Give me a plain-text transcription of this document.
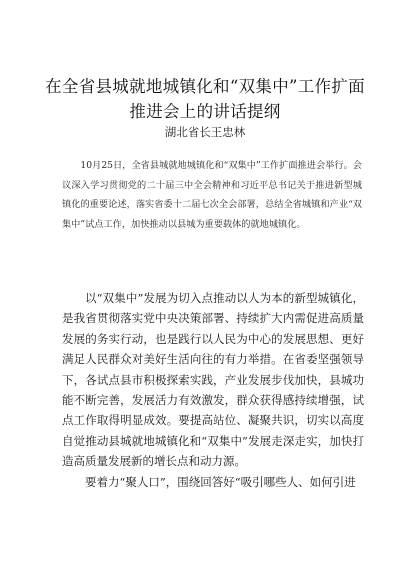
在全省县城就地城镇化和“双集中”工作扩面
推进会上的讲话提纲
湖北省长王忠林
10月25日，全省县城就地城镇化和“双集中”工作扩面推进会举行。会议深入学习贯彻党的二十届三中全会精神和习近平总书记关于推进新型城镇化的重要论述，落实省委十二届七次全会部署，总结全省城镇和产业“双集中”试点工作，加快推动以县城为重要载体的就地城镇化。

以“双集中”发展为切入点推动以人为本的新型城镇化，是我省贯彻落实党中央决策部署、持续扩大内需促进高质量发展的务实行动，也是践行以人民为中心的发展思想、更好满足人民群众对美好生活向往的有力举措。在省委坚强领导下，各试点县市积极探索实践，产业发展步伐加快，县城功能不断完善，发展活力有效激发，群众获得感持续增强，试点工作取得明显成效。要提高站位、凝聚共识，切实以高度自觉推动县城就地城镇化和“双集中”发展走深走实，加快打造高质量发展新的增长点和动力源。

要着力“聚人口”，围绕回答好“吸引哪些人、如何引进
